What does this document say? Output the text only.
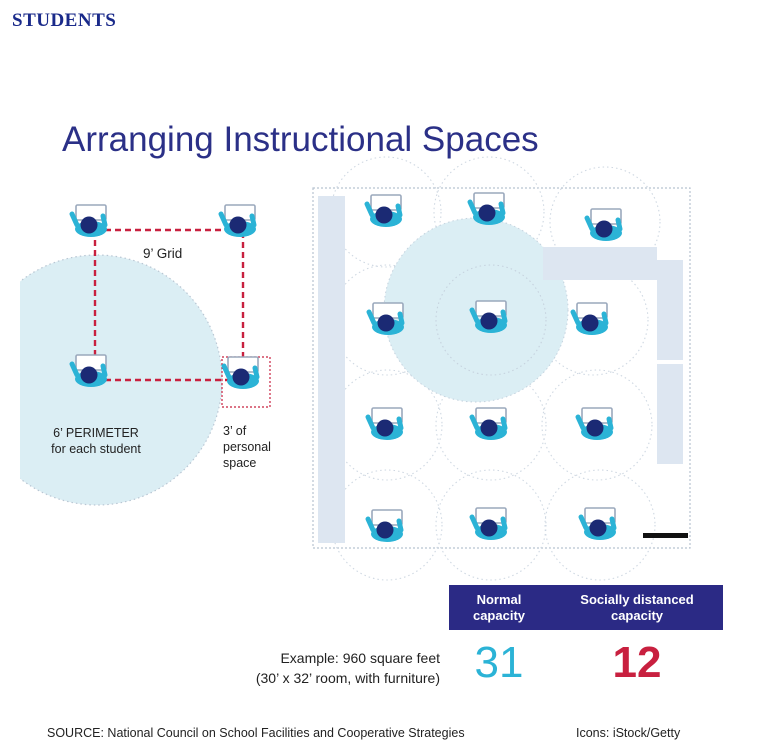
STUDENTS
Arranging Instructional Spaces
9’ Grid
6’ PERIMETER
for each student
3’ of
personal
space
Normal
capacity
Socially distanced
capacity
Example: 960 square feet
(30’ x 32’ room, with furniture) 31	12
SOURCE: National Council on School Facilities and Cooperative Strategies	Icons: iStock/Getty
